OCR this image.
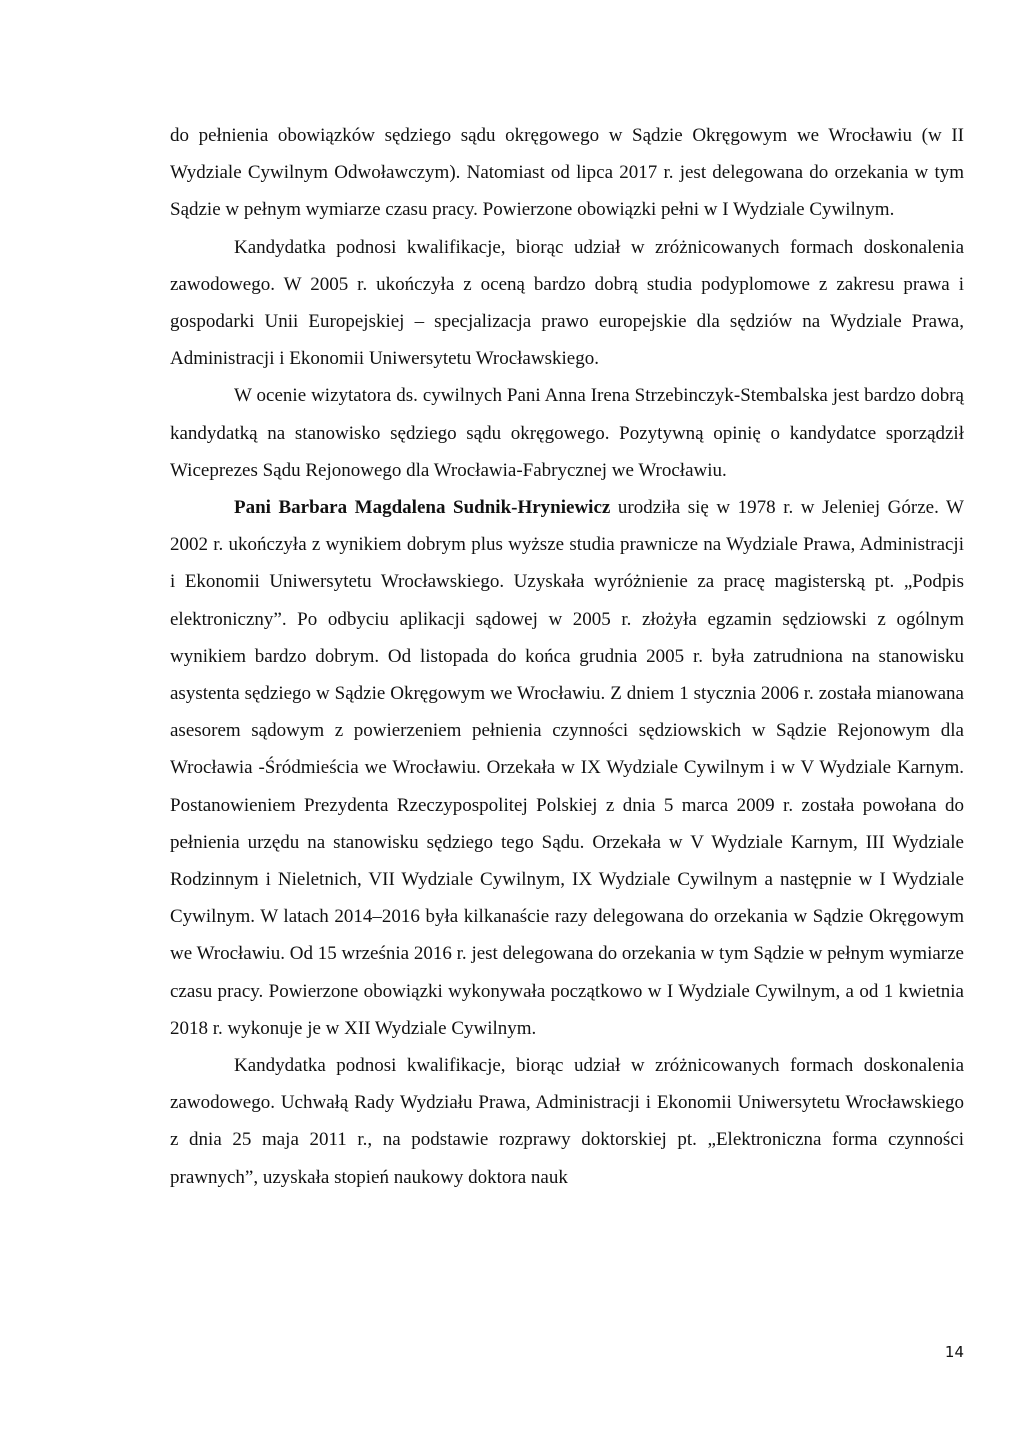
do pełnienia obowiązków sędziego sądu okręgowego w Sądzie Okręgowym we Wrocławiu (w II Wydziale Cywilnym Odwoławczym). Natomiast od lipca 2017 r. jest delegowana do orzekania w tym Sądzie w pełnym wymiarze czasu pracy. Powierzone obowiązki pełni w I Wydziale Cywilnym.

Kandydatka podnosi kwalifikacje, biorąc udział w zróżnicowanych formach doskonalenia zawodowego. W 2005 r. ukończyła z oceną bardzo dobrą studia podyplomowe z zakresu prawa i gospodarki Unii Europejskiej – specjalizacja prawo europejskie dla sędziów na Wydziale Prawa, Administracji i Ekonomii Uniwersytetu Wrocławskiego.

W ocenie wizytatora ds. cywilnych Pani Anna Irena Strzebinczyk-Stembalska jest bardzo dobrą kandydatką na stanowisko sędziego sądu okręgowego. Pozytywną opinię o kandydatce sporządził Wiceprezes Sądu Rejonowego dla Wrocławia-Fabrycznej we Wrocławiu.

Pani Barbara Magdalena Sudnik-Hryniewicz urodziła się w 1978 r. w Jeleniej Górze. W 2002 r. ukończyła z wynikiem dobrym plus wyższe studia prawnicze na Wydziale Prawa, Administracji i Ekonomii Uniwersytetu Wrocławskiego. Uzyskała wyróżnienie za pracę magisterską pt. „Podpis elektroniczny”. Po odbyciu aplikacji sądowej w 2005 r. złożyła egzamin sędziowski z ogólnym wynikiem bardzo dobrym. Od listopada do końca grudnia 2005 r. była zatrudniona na stanowisku asystenta sędziego w Sądzie Okręgowym we Wrocławiu. Z dniem 1 stycznia 2006 r. została mianowana asesorem sądowym z powierzeniem pełnienia czynności sędziowskich w Sądzie Rejonowym dla Wrocławia -Śródmieścia we Wrocławiu. Orzekała w IX Wydziale Cywilnym i w V Wydziale Karnym. Postanowieniem Prezydenta Rzeczypospolitej Polskiej z dnia 5 marca 2009 r. została powołana do pełnienia urzędu na stanowisku sędziego tego Sądu. Orzekała w V Wydziale Karnym, III Wydziale Rodzinnym i Nieletnich, VII Wydziale Cywilnym, IX Wydziale Cywilnym a następnie w I Wydziale Cywilnym. W latach 2014–2016 była kilkanaście razy delegowana do orzekania w Sądzie Okręgowym we Wrocławiu. Od 15 września 2016 r. jest delegowana do orzekania w tym Sądzie w pełnym wymiarze czasu pracy. Powierzone obowiązki wykonywała początkowo w I Wydziale Cywilnym, a od 1 kwietnia 2018 r. wykonuje je w XII Wydziale Cywilnym.

Kandydatka podnosi kwalifikacje, biorąc udział w zróżnicowanych formach doskonalenia zawodowego. Uchwałą Rady Wydziału Prawa, Administracji i Ekonomii Uniwersytetu Wrocławskiego z dnia 25 maja 2011 r., na podstawie rozprawy doktorskiej pt. „Elektroniczna forma czynności prawnych”, uzyskała stopień naukowy doktora nauk

14
